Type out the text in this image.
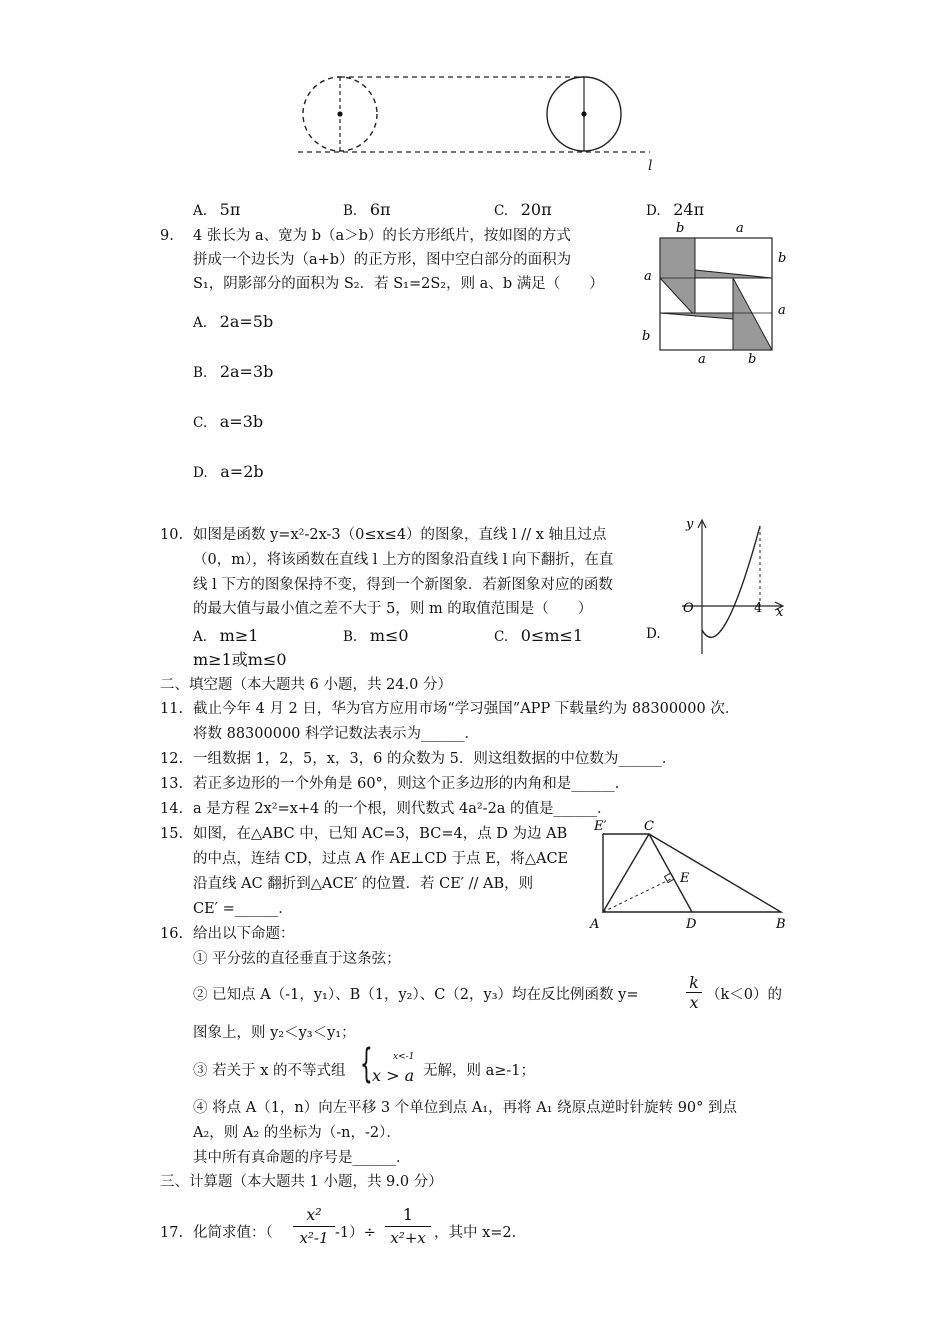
l
A. 5π	B. 6π	C. 20π	D. 24π
9. 4 张长为 a、宽为 b（a＞b）的长方形纸片，按如图的方式
拼成一个边长为（a+b）的正方形，图中空白部分的面积为
S₁，阴影部分的面积为 S₂．若 S₁=2S₂，则 a、b 满足（　　）
b	a
a
b
b
a
a	b
A. 2a=5b
B. 2a=3b
C. a=3b
D. a=2b
10. 如图是函数 y=x²-2x-3（0≤x≤4）的图象，直线 l // x 轴且过点
（0，m），将该函数在直线 l 上方的图象沿直线 l 向下翻折，在直
线 l 下方的图象保持不变，得到一个新图象．若新图象对应的函数
的最大值与最小值之差不大于 5，则 m 的取值范围是（　　）
y
x
O	4
A. m≥1	B. m≤0	C. 0≤m≤1	D.
m≥1或m≤0
二、填空题（本大题共 6 小题，共 24.0 分）
11. 截止今年 4 月 2 日，华为官方应用市场“学习强国”APP 下载量约为 88300000 次．
将数 88300000 科学记数法表示为______．
12. 一组数据 1，2，5，x，3，6 的众数为 5．则这组数据的中位数为______．
13. 若正多边形的一个外角是 60°，则这个正多边形的内角和是______．
14. a 是方程 2x²=x+4 的一个根，则代数式 4a²-2a 的值是______．
15. 如图，在△ABC 中，已知 AC=3，BC=4，点 D 为边 AB
的中点，连结 CD，过点 A 作 AE⊥CD 于点 E，将△ACE
沿直线 AC 翻折到△ACE′ 的位置．若 CE′ // AB，则
CE′ =______．
E′	C
E
A	D	B
16. 给出以下命题：
① 平分弦的直径垂直于这条弦；
② 已知点 A（-1，y₁）、B（1，y₂）、C（2，y₃）均在反比例函数 y=	$\frac{k}{x} (k<0)$的
图象上，则 y₂＜y₃＜y₁；
③ 若关于 x 的不等式组 { x<-1
x > a 无解，则 a≥-1；
④ 将点 A（1，n）向左平移 3 个单位到点 A₁，再将 A₁ 绕原点逆时针旋转 90° 到点
A₂，则 A₂ 的坐标为（-n，-2）．
其中所有真命题的序号是______．
三、计算题（本大题共 1 小题，共 9.0 分）
17. 化简求值：（ $\frac{\text{x²}}{\text{x²-1}} -1)\div \frac{1}{\text{x²+x}}$ ，其中 x=2.
